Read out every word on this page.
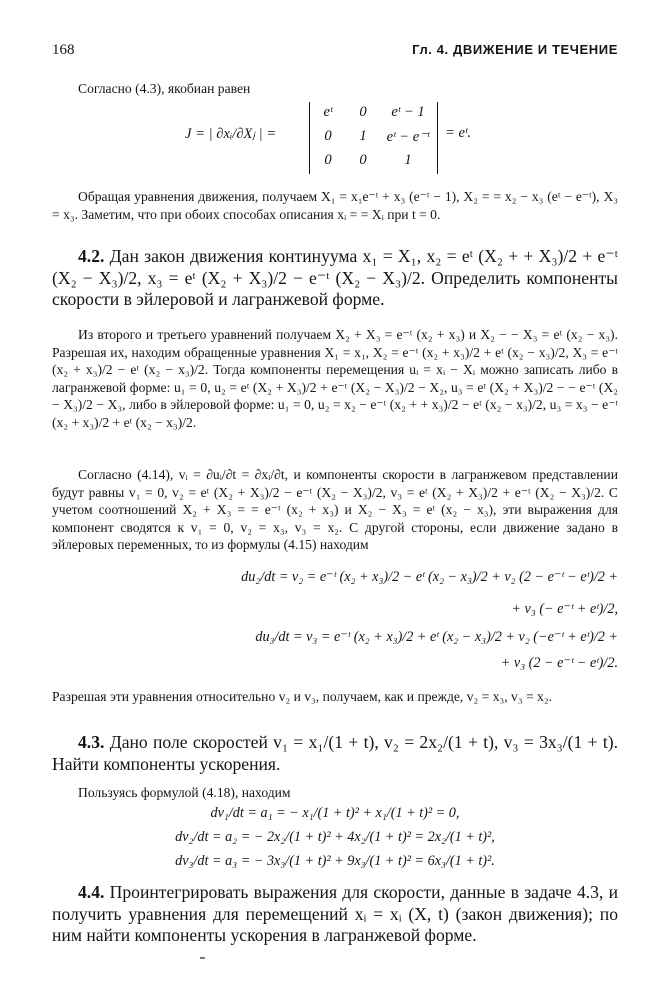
168	Гл. 4. ДВИЖЕНИЕ И ТЕЧЕНИЕ

Согласно (4.3), якобиан равен

J = | ∂xᵢ/∂Xⱼ | =
eᵗ	0	eᵗ − 1
0	1	eᵗ − e⁻ᵗ
0	0	1
= eᵗ.

Обращая уравнения движения, получаем X₁ = x₁e⁻ᵗ + x₃ (e⁻ᵗ − 1), X₂ = = x₂ − x₃ (eᵗ − e⁻ᵗ), X₃ = x₃. Заметим, что при обоих способах описания xᵢ = = Xᵢ при t = 0.

4.2. Дан закон движения континуума x₁ = X₁, x₂ = eᵗ (X₂ + + X₃)/2 + e⁻ᵗ (X₂ − X₃)/2, x₃ = eᵗ (X₂ + X₃)/2 − e⁻ᵗ (X₂ − X₃)/2. Определить компоненты скорости в эйлеровой и лагранжевой форме.

Из второго и третьего уравнений получаем X₂ + X₃ = e⁻ᵗ (x₂ + x₃) и X₂ − − X₃ = eᵗ (x₂ − x₃). Разрешая их, находим обращенные уравнения X₁ = x₁, X₂ = e⁻ᵗ (x₂ + x₃)/2 + eᵗ (x₂ − x₃)/2, X₃ = e⁻ᵗ (x₂ + x₃)/2 − eᵗ (x₂ − x₃)/2. Тогда компоненты перемещения uᵢ = xᵢ − Xᵢ можно записать либо в лагранжевой форме: u₁ = 0, u₂ = eᵗ (X₂ + X₃)/2 + e⁻ᵗ (X₂ − X₃)/2 − X₂, u₃ = eᵗ (X₂ + X₃)/2 − − e⁻ᵗ (X₂ − X₃)/2 − X₃, либо в эйлеровой форме: u₁ = 0, u₂ = x₂ − e⁻ᵗ (x₂ + + x₃)/2 − eᵗ (x₂ − x₃)/2, u₃ = x₃ − e⁻ᵗ (x₂ + x₃)/2 + eᵗ (x₂ − x₃)/2.

Согласно (4.14), vᵢ = ∂uᵢ/∂t = ∂xᵢ/∂t, и компоненты скорости в лагранжевом представлении будут равны v₁ = 0, v₂ = eᵗ (X₂ + X₃)/2 − e⁻ᵗ (X₂ − X₃)/2, v₃ = eᵗ (X₂ + X₃)/2 + e⁻ᵗ (X₂ − X₃)/2. С учетом соотношений X₂ + X₃ = = e⁻ᵗ (x₂ + x₃) и X₂ − X₃ = eᵗ (x₂ − x₃), эти выражения для компонент сводятся к v₁ = 0, v₂ = x₃, v₃ = x₂. С другой стороны, если движение задано в эйлеровых переменных, то из формулы (4.15) находим

du₂/dt = v₂ = e⁻ᵗ (x₂ + x₃)/2 − eᵗ (x₂ − x₃)/2 + v₂ (2 − e⁻ᵗ − eᵗ)/2 +

+ v₃ (− e⁻ᵗ + eᵗ)/2,

du₃/dt = v₃ = e⁻ᵗ (x₂ + x₃)/2 + eᵗ (x₂ − x₃)/2 + v₂ (−e⁻ᵗ + eᵗ)/2 +

+ v₃ (2 − e⁻ᵗ − eᵗ)/2.

Разрешая эти уравнения относительно v₂ и v₃, получаем, как и прежде, v₂ = x₃, v₃ = x₂.

4.3. Дано поле скоростей v₁ = x₁/(1 + t), v₂ = 2x₂/(1 + t), v₃ = 3x₃/(1 + t). Найти компоненты ускорения.

Пользуясь формулой (4.18), находим

dv₁/dt = a₁ = − x₁/(1 + t)² + x₁/(1 + t)² = 0,

dv₂/dt = a₂ = − 2x₂/(1 + t)² + 4x₂/(1 + t)² = 2x₂/(1 + t)²,

dv₃/dt = a₃ = − 3x₃/(1 + t)² + 9x₃/(1 + t)² = 6x₃/(1 + t)².

4.4. Проинтегрировать выражения для скорости, данные в задаче 4.3, и получить уравнения для перемещений xᵢ = xᵢ (X, t) (закон движения); по ним найти компоненты ускорения в лагранжевой форме.
